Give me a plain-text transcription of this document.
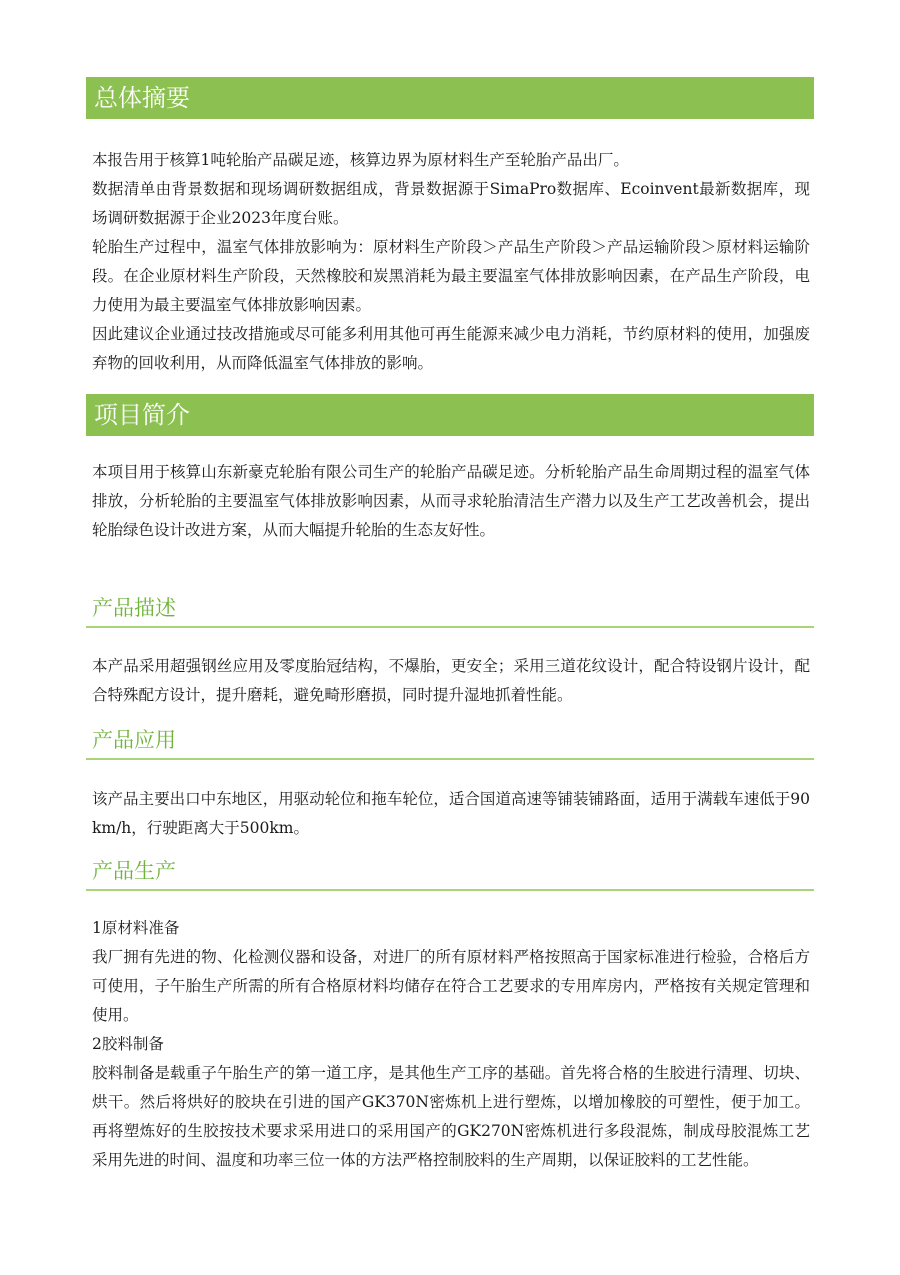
总体摘要

本报告用于核算1吨轮胎产品碳足迹，核算边界为原材料生产至轮胎产品出厂。

数据清单由背景数据和现场调研数据组成，背景数据源于SimaPro数据库、Ecoinvent最新数据库，现场调研数据源于企业2023年度台账。

轮胎生产过程中，温室气体排放影响为：原材料生产阶段＞产品生产阶段＞产品运输阶段＞原材料运输阶段。在企业原材料生产阶段，天然橡胶和炭黑消耗为最主要温室气体排放影响因素，在产品生产阶段，电力使用为最主要温室气体排放影响因素。

因此建议企业通过技改措施或尽可能多利用其他可再生能源来减少电力消耗，节约原材料的使用，加强废弃物的回收利用，从而降低温室气体排放的影响。

项目简介

本项目用于核算山东新豪克轮胎有限公司生产的轮胎产品碳足迹。分析轮胎产品生命周期过程的温室气体排放，分析轮胎的主要温室气体排放影响因素，从而寻求轮胎清洁生产潜力以及生产工艺改善机会，提出轮胎绿色设计改进方案，从而大幅提升轮胎的生态友好性。

产品描述

本产品采用超强钢丝应用及零度胎冠结构，不爆胎，更安全；采用三道花纹设计，配合特设钢片设计，配合特殊配方设计，提升磨耗，避免畸形磨损，同时提升湿地抓着性能。

产品应用

该产品主要出口中东地区，用驱动轮位和拖车轮位，适合国道高速等铺装铺路面，适用于满载车速低于90km/h，行驶距离大于500km。

产品生产

1原材料准备

我厂拥有先进的物、化检测仪器和设备，对进厂的所有原材料严格按照高于国家标准进行检验，合格后方可使用，子午胎生产所需的所有合格原材料均储存在符合工艺要求的专用库房内，严格按有关规定管理和使用。

2胶料制备

胶料制备是载重子午胎生产的第一道工序，是其他生产工序的基础。首先将合格的生胶进行清理、切块、烘干。然后将烘好的胶块在引进的国产GK370N密炼机上进行塑炼，以增加橡胶的可塑性，便于加工。再将塑炼好的生胶按技术要求采用进口的采用国产的GK270N密炼机进行多段混炼，制成母胶混炼工艺采用先进的时间、温度和功率三位一体的方法严格控制胶料的生产周期，以保证胶料的工艺性能。
